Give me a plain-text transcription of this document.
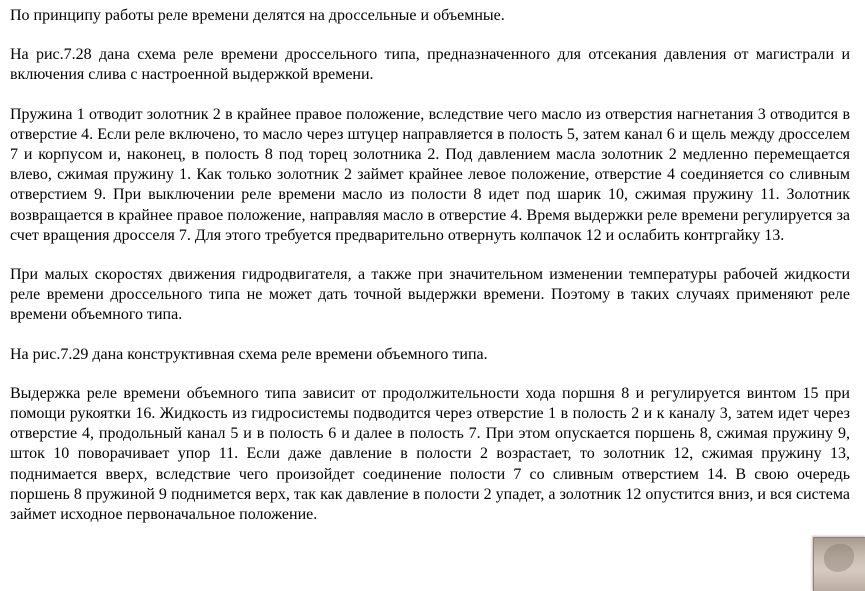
По принципу работы реле времени делятся на дроссельные и объемные.

На рис.7.28 дана схема реле времени дроссельного типа, предназначенного для отсекания давления от магистрали и включения слива с настроенной выдержкой времени.

Пружина 1 отводит золотник 2 в крайнее правое положение, вследствие чего масло из отверстия нагнетания 3 отводится в отверстие 4. Если реле включено, то масло через штуцер направляется в полость 5, затем канал 6 и щель между дросселем 7 и корпусом и, наконец, в полость 8 под торец золотника 2. Под давлением масла золотник 2 медленно перемещается влево, сжимая пружину 1. Как только золотник 2 займет крайнее левое положение, отверстие 4 соединяется со сливным отверстием 9. При выключении реле времени масло из полости 8 идет под шарик 10, сжимая пружину 11. Золотник возвращается в крайнее правое положение, направляя масло в отверстие 4. Время выдержки реле времени регулируется за счет вращения дросселя 7. Для этого требуется предварительно отвернуть колпачок 12 и ослабить контргайку 13.

При малых скоростях движения гидродвигателя, а также при значительном изменении температуры рабочей жидкости реле времени дроссельного типа не может дать точной выдержки времени. Поэтому в таких случаях применяют реле времени объемного типа.

На рис.7.29 дана конструктивная схема реле времени объемного типа.

Выдержка реле времени объемного типа зависит от продолжительности хода поршня 8 и регулируется винтом 15 при помощи рукоятки 16. Жидкость из гидросистемы подводится через отверстие 1 в полость 2 и к каналу 3, затем идет через отверстие 4, продольный канал 5 и в полость 6 и далее в полость 7. При этом опускается поршень 8, сжимая пружину 9, шток 10 поворачивает упор 11. Если даже давление в полости 2 возрастает, то золотник 12, сжимая пружину 13, поднимается вверх, вследствие чего произойдет соединение полости 7 со сливным отверстием 14. В свою очередь поршень 8 пружиной 9 поднимется верх, так как давление в полости 2 упадет, а золотник 12 опустится вниз, и вся система займет исходное первоначальное положение.
